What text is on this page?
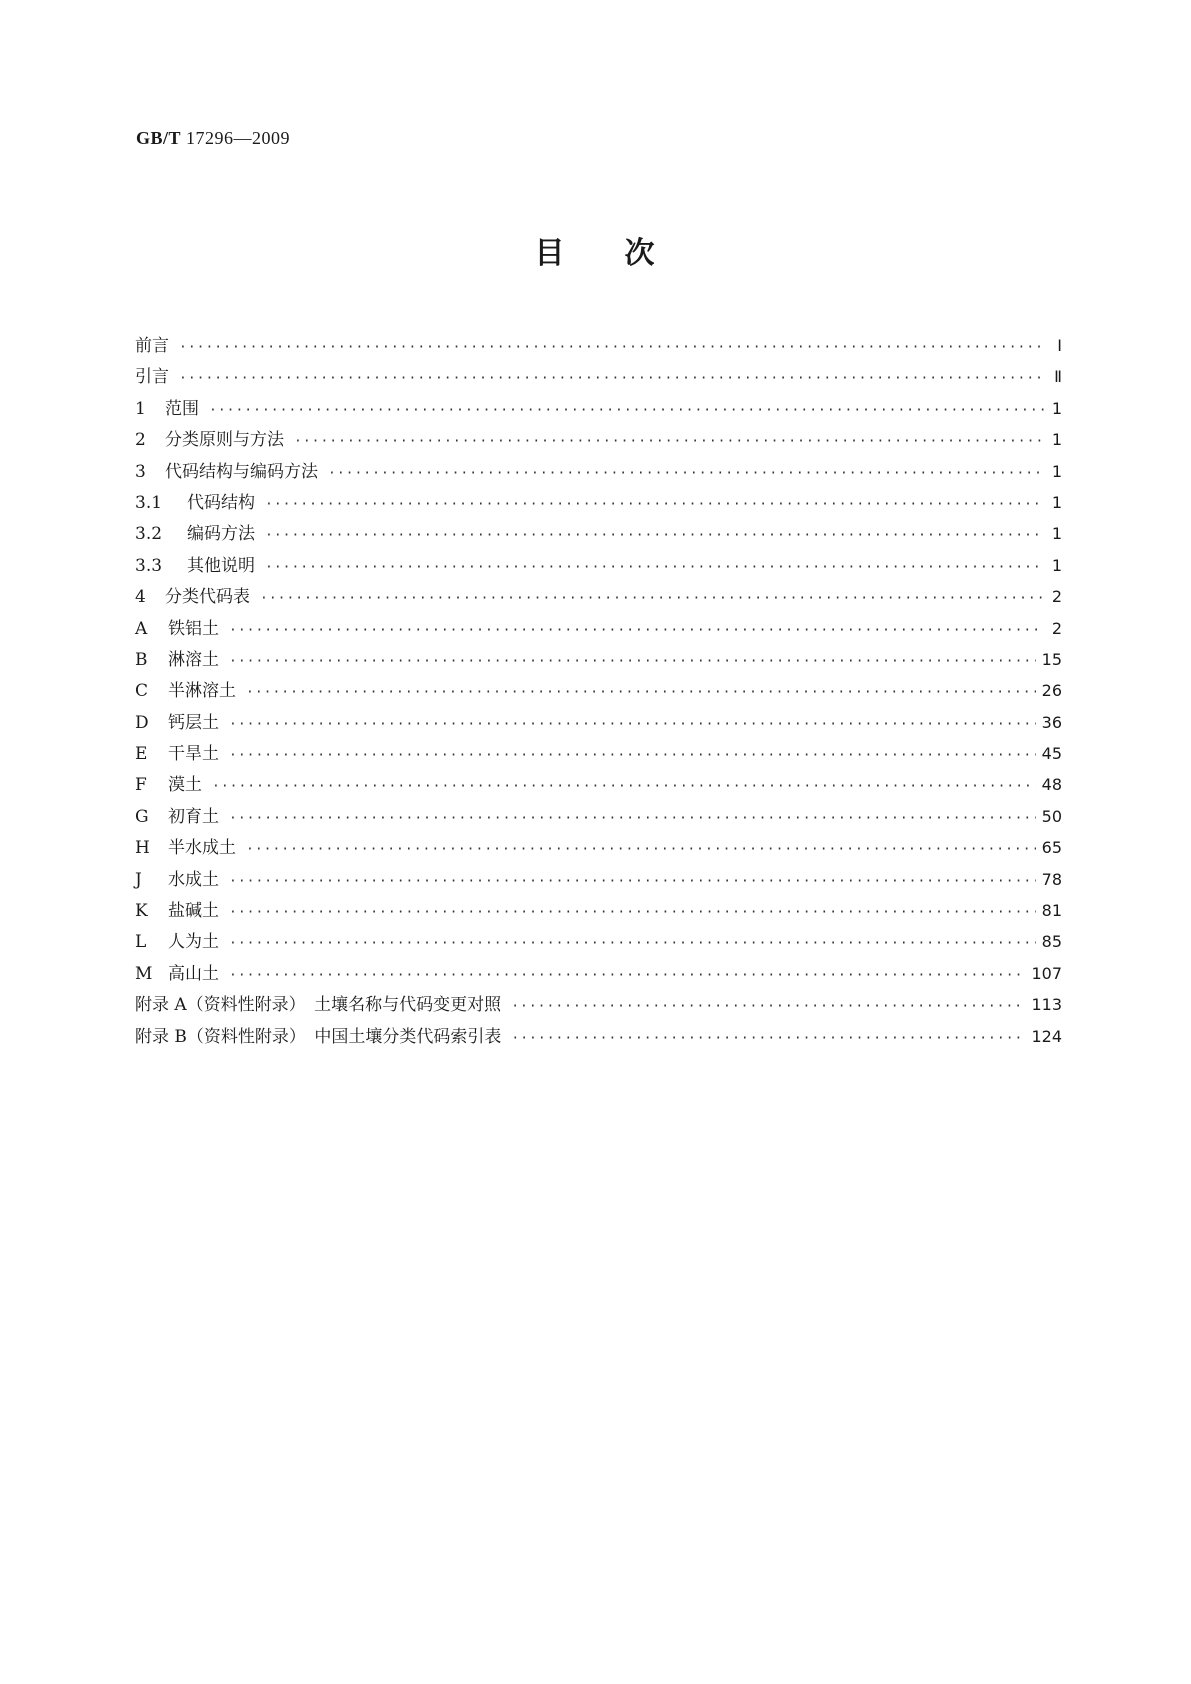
GB/T 17296—2009
目 次
前言 ·····	Ⅰ
引言 ·····	Ⅱ
1	范围 ·····	1
2	分类原则与方法 ·····	1
3	代码结构与编码方法 ·····	1
3.1	代码结构 ·····	1
3.2	编码方法 ·····	1
3.3	其他说明 ·····	1
4	分类代码表 ·····	2
A	铁铝土 ·····	2
B	淋溶土 ·····	15
C	半淋溶土 ·····	26
D	钙层土 ·····	36
E	干旱土 ·····	45
F	漠土 ·····	48
G	初育土 ·····	50
H	半水成土 ·····	65
J	水成土 ·····	78
K	盐碱土 ·····	81
L	人为土 ·····	85
M 高山土 ·····	107
附录 A（资料性附录）　土壤名称与代码变更对照 ·····	113
附录 B（资料性附录）　中国土壤分类代码索引表 ·····	124
